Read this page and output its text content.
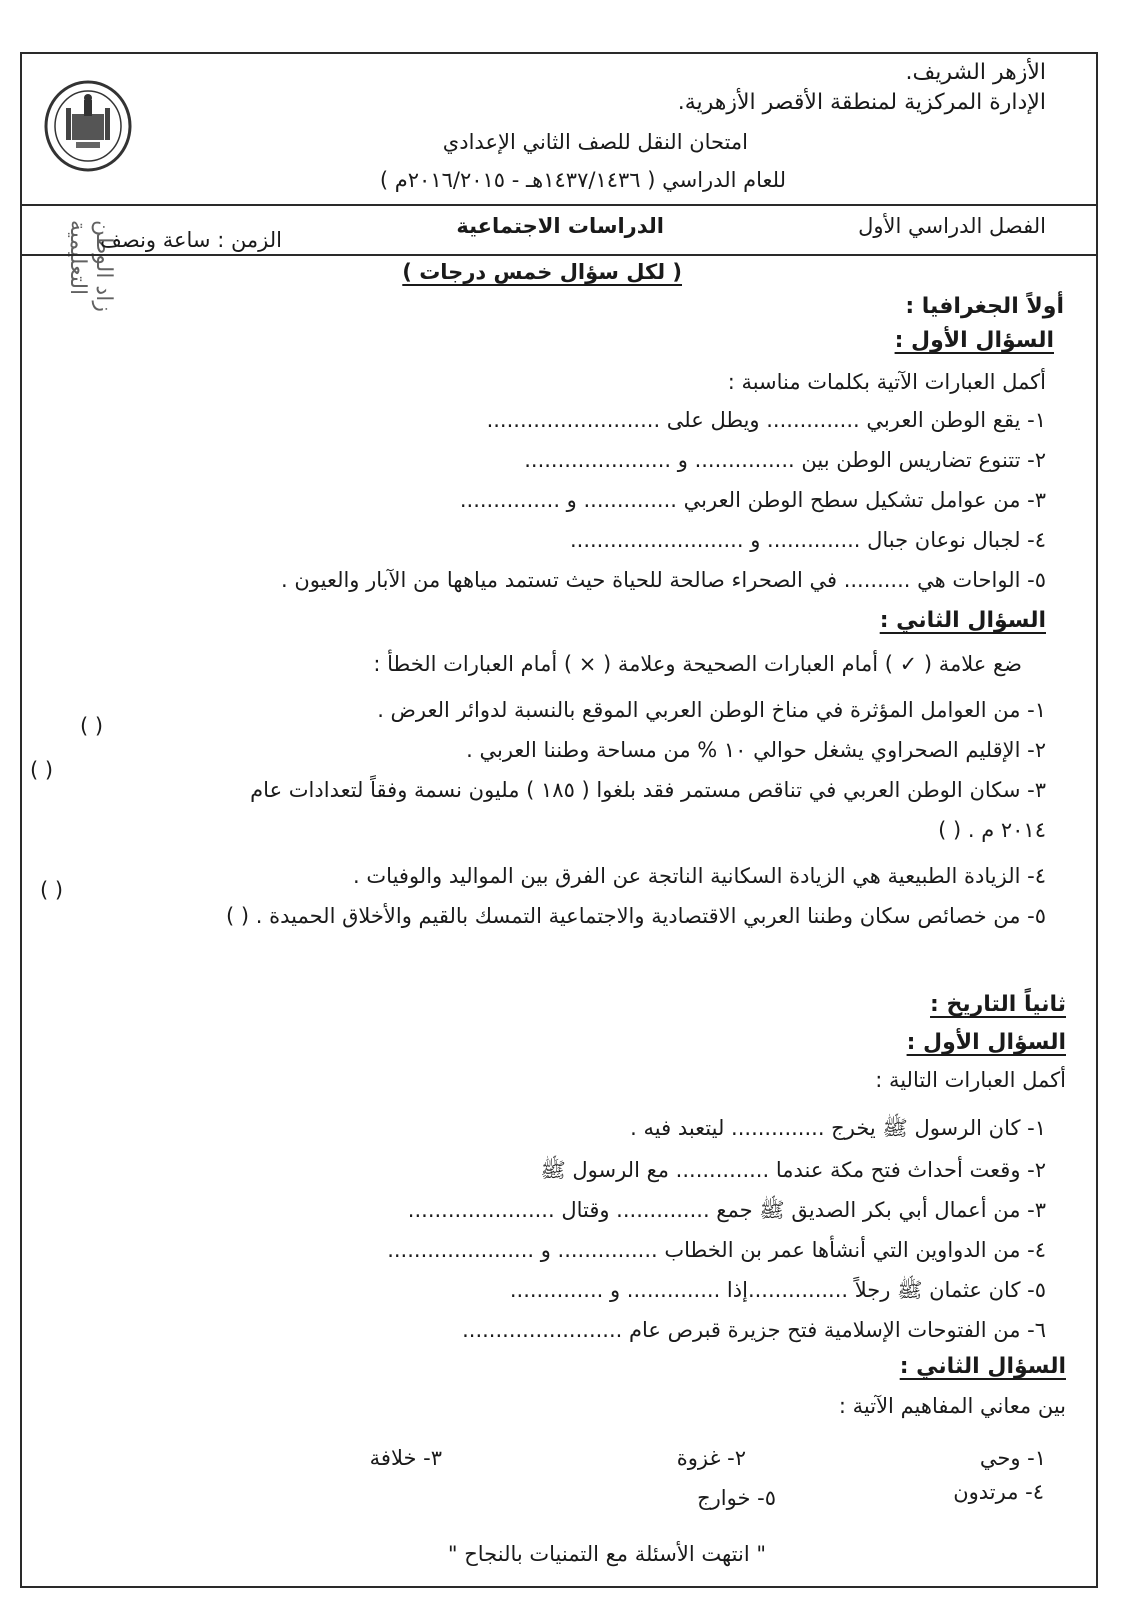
زاد الوطن التعليمية
الأزهر الشريف.
الإدارة المركزية لمنطقة الأقصر الأزهرية.
امتحان النقل للصف الثاني الإعدادي
للعام الدراسي ( ١٤٣٧/١٤٣٦هـ - ٢٠١٦/٢٠١٥م )
الفصل الدراسي الأول
الدراسات الاجتماعية
الزمن : ساعة ونصف
( لكل سؤال خمس درجات )
أولاً الجغرافيا :
السؤال الأول :
أكمل العبارات الآتية بكلمات مناسبة :
١- يقع الوطن العربي .............. ويطل على ..........................
٢- تتنوع تضاريس الوطن بين ............... و ......................
٣- من عوامل تشكيل سطح الوطن العربي .............. و ...............
٤- لجبال نوعان جبال .............. و ..........................
٥- الواحات هي .......... في الصحراء صالحة للحياة حيث تستمد مياهها من الآبار والعيون .
السؤال الثاني :
ضع علامة ( ✓ ) أمام العبارات الصحيحة وعلامة ( × ) أمام العبارات الخطأ :
١- من العوامل المؤثرة في مناخ الوطن العربي الموقع بالنسبة لدوائر العرض .
( )
٢- الإقليم الصحراوي يشغل حوالي ١٠ % من مساحة وطننا العربي .
( )
٣- سكان الوطن العربي في تناقص مستمر فقد بلغوا ( ١٨٥ ) مليون نسمة وفقاً لتعدادات عام
٢٠١٤ م . ( )
٤- الزيادة الطبيعية هي الزيادة السكانية الناتجة عن الفرق بين المواليد والوفيات .
( )
٥- من خصائص سكان وطننا العربي الاقتصادية والاجتماعية التمسك بالقيم والأخلاق الحميدة . ( )
ثانياً التاريخ :
السؤال الأول :
أكمل العبارات التالية :
١- كان الرسول ﷺ يخرج .............. ليتعبد فيه .
٢- وقعت أحداث فتح مكة عندما .............. مع الرسول ﷺ
٣- من أعمال أبي بكر الصديق ﷺ جمع .............. وقتال ......................
٤- من الدواوين التي أنشأها عمر بن الخطاب ............... و ......................
٥- كان عثمان ﷺ رجلاً ...............إذا .............. و ..............
٦- من الفتوحات الإسلامية فتح جزيرة قبرص عام ........................
السؤال الثاني :
بين معاني المفاهيم الآتية :
١- وحي
٢- غزوة
٣- خلافة
٤- مرتدون
٥- خوارج
" انتهت الأسئلة مع التمنيات بالنجاح "
